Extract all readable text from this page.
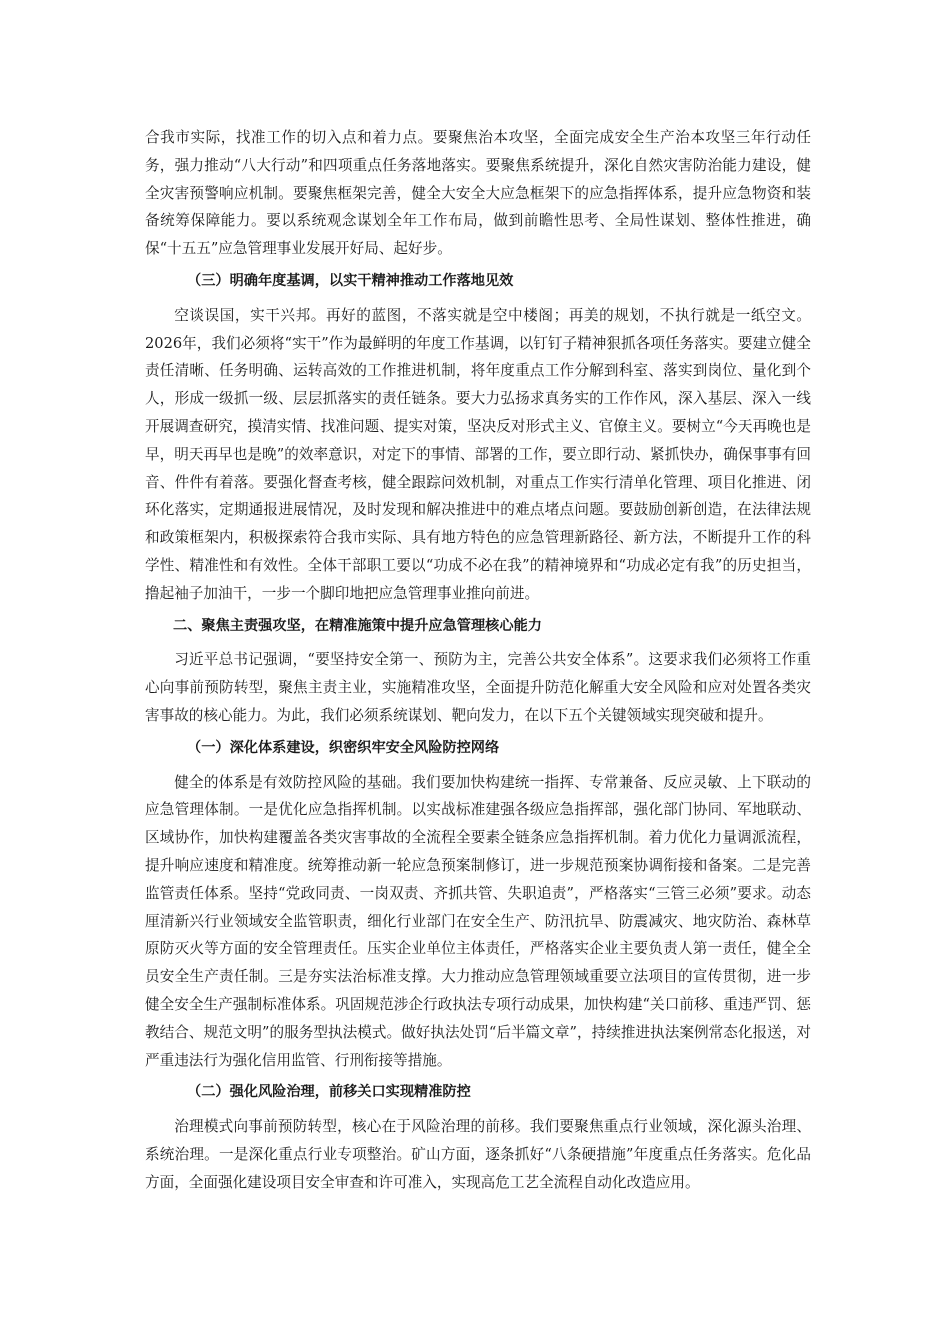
合我市实际，找准工作的切入点和着力点。要聚焦治本攻坚，全面完成安全生产治本攻坚三年行动任务，强力推动“八大行动”和四项重点任务落地落实。要聚焦系统提升，深化自然灾害防治能力建设，健全灾害预警响应机制。要聚焦框架完善，健全大安全大应急框架下的应急指挥体系，提升应急物资和装备统筹保障能力。要以系统观念谋划全年工作布局，做到前瞻性思考、全局性谋划、整体性推进，确保“十五五”应急管理事业发展开好局、起好步。

（三）明确年度基调，以实干精神推动工作落地见效

空谈误国，实干兴邦。再好的蓝图，不落实就是空中楼阁；再美的规划，不执行就是一纸空文。2026年，我们必须将“实干”作为最鲜明的年度工作基调，以钉钉子精神狠抓各项任务落实。要建立健全责任清晰、任务明确、运转高效的工作推进机制，将年度重点工作分解到科室、落实到岗位、量化到个人，形成一级抓一级、层层抓落实的责任链条。要大力弘扬求真务实的工作作风，深入基层、深入一线开展调查研究，摸清实情、找准问题、提实对策，坚决反对形式主义、官僚主义。要树立“今天再晚也是早，明天再早也是晚”的效率意识，对定下的事情、部署的工作，要立即行动、紧抓快办，确保事事有回音、件件有着落。要强化督查考核，健全跟踪问效机制，对重点工作实行清单化管理、项目化推进、闭环化落实，定期通报进展情况，及时发现和解决推进中的难点堵点问题。要鼓励创新创造，在法律法规和政策框架内，积极探索符合我市实际、具有地方特色的应急管理新路径、新方法，不断提升工作的科学性、精准性和有效性。全体干部职工要以“功成不必在我”的精神境界和“功成必定有我”的历史担当，撸起袖子加油干，一步一个脚印地把应急管理事业推向前进。

二、聚焦主责强攻坚，在精准施策中提升应急管理核心能力

习近平总书记强调，“要坚持安全第一、预防为主，完善公共安全体系”。这要求我们必须将工作重心向事前预防转型，聚焦主责主业，实施精准攻坚，全面提升防范化解重大安全风险和应对处置各类灾害事故的核心能力。为此，我们必须系统谋划、靶向发力，在以下五个关键领域实现突破和提升。

（一）深化体系建设，织密织牢安全风险防控网络

健全的体系是有效防控风险的基础。我们要加快构建统一指挥、专常兼备、反应灵敏、上下联动的应急管理体制。一是优化应急指挥机制。以实战标准建强各级应急指挥部，强化部门协同、军地联动、区域协作，加快构建覆盖各类灾害事故的全流程全要素全链条应急指挥机制。着力优化力量调派流程，提升响应速度和精准度。统筹推动新一轮应急预案制修订，进一步规范预案协调衔接和备案。二是完善监管责任体系。坚持“党政同责、一岗双责、齐抓共管、失职追责”，严格落实“三管三必须”要求。动态厘清新兴行业领域安全监管职责，细化行业部门在安全生产、防汛抗旱、防震减灾、地灾防治、森林草原防灭火等方面的安全管理责任。压实企业单位主体责任，严格落实企业主要负责人第一责任，健全全员安全生产责任制。三是夯实法治标准支撑。大力推动应急管理领域重要立法项目的宣传贯彻，进一步健全安全生产强制标准体系。巩固规范涉企行政执法专项行动成果，加快构建“关口前移、重违严罚、惩教结合、规范文明”的服务型执法模式。做好执法处罚“后半篇文章”，持续推进执法案例常态化报送，对严重违法行为强化信用监管、行刑衔接等措施。

（二）强化风险治理，前移关口实现精准防控

治理模式向事前预防转型，核心在于风险治理的前移。我们要聚焦重点行业领域，深化源头治理、系统治理。一是深化重点行业专项整治。矿山方面，逐条抓好“八条硬措施”年度重点任务落实。危化品方面，全面强化建设项目安全审查和许可准入，实现高危工艺全流程自动化改造应用。
